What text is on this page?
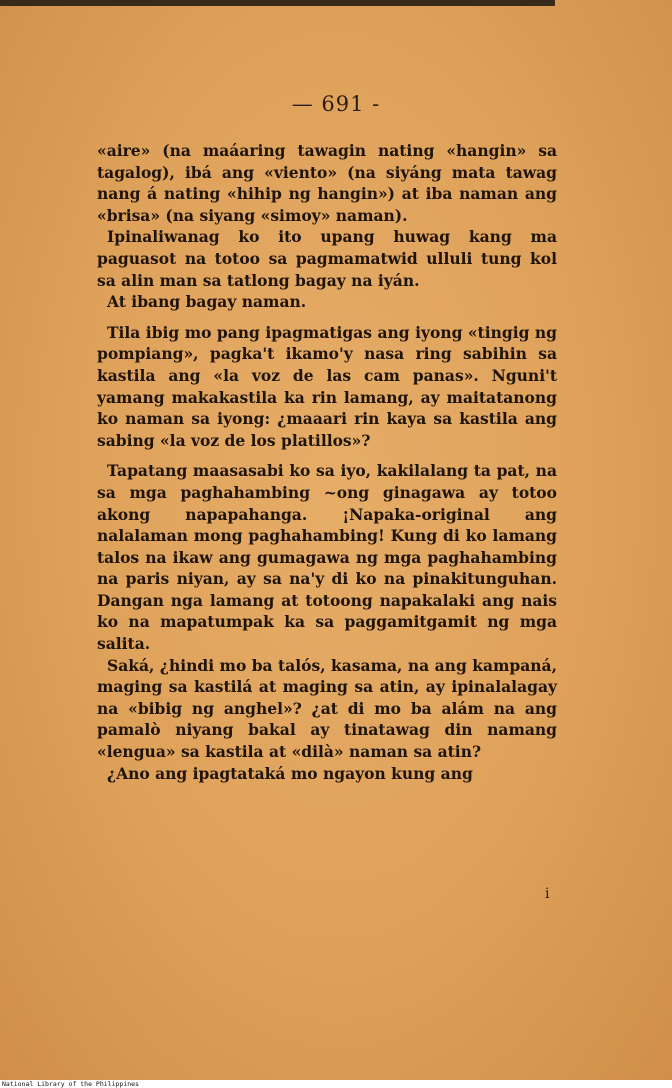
— 691 -

«aire» (na maáaring tawagin nating «hangin» sa tagalog), ibá ang «viento» (na siyáng mata tawag nang á nating «hihip ng hangin») at iba naman ang «brisa» (na siyang «simoy» naman).

Ipinaliwanag ko ito upang huwag kang ma paguasot na totoo sa pagmamatwid ulluli tung kol sa alin man sa tatlong bagay na iyán.

At ibang bagay naman.

Tila ibig mo pang ipagmatigas ang iyong «tingig ng pompiang», pagka't ikamo'y nasa ring sabihin sa kastila ang «la voz de las cam panas». Nguni't yamang makakastila ka rin lamang, ay maitatanong ko naman sa iyong: ¿maaari rin kaya sa kastila ang sabing «la voz de los platillos»?

Tapatang maasasabi ko sa iyo, kakilalang ta pat, na sa mga paghahambing ~ong ginagawa ay totoo akong napapahanga. ¡Napaka-original ang nalalaman mong paghahambing! Kung di ko lamang talos na ikaw ang gumagawa ng mga paghahambing na paris niyan, ay sa na'y di ko na pinakitunguhan. Dangan nga lamang at totoong napakalaki ang nais ko na mapatumpak ka sa paggamitgamit ng mga salita.

Saká, ¿hindi mo ba talós, kasama, na ang kampaná, maging sa kastilá at maging sa atin, ay ipinalalagay na «bibig ng anghel»? ¿at di mo ba alám na ang pamalò niyang bakal ay tinatawag din namang «lengua» sa kastila at «dilà» naman sa atin?

¿Ano ang ipagtataká mo ngayon kung ang

i
National Library of the Philippines
